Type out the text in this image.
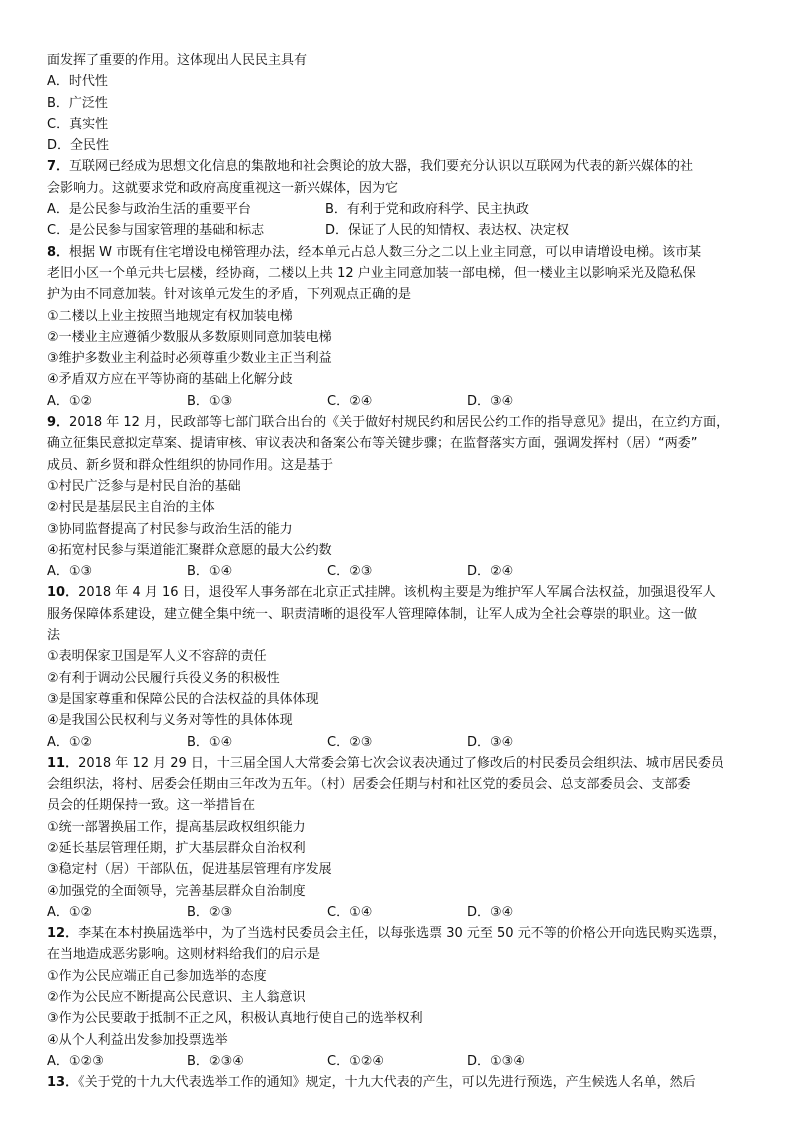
面发挥了重要的作用。这体现出人民民主具有
A．时代性
B．广泛性
C．真实性
D．全民性
7．互联网已经成为思想文化信息的集散地和社会舆论的放大器，我们要充分认识以互联网为代表的新兴媒体的社
会影响力。这就要求党和政府高度重视这一新兴媒体，因为它
A．是公民参与政治生活的重要平台	B．有利于党和政府科学、民主执政
C．是公民参与国家管理的基础和标志	D．保证了人民的知情权、表达权、决定权
8．根据 W 市既有住宅增设电梯管理办法，经本单元占总人数三分之二以上业主同意，可以申请增设电梯。该市某
老旧小区一个单元共七层楼，经协商，二楼以上共 12 户业主同意加装一部电梯，但一楼业主以影响采光及隐私保
护为由不同意加装。针对该单元发生的矛盾，下列观点正确的是
①二楼以上业主按照当地规定有权加装电梯
②一楼业主应遵循少数服从多数原则同意加装电梯
③维护多数业主利益时必须尊重少数业主正当利益
④矛盾双方应在平等协商的基础上化解分歧
A．①②	B．①③	C．②④	D．③④
9．2018 年 12 月，民政部等七部门联合出台的《关于做好村规民约和居民公约工作的指导意见》提出，在立约方面，
确立征集民意拟定草案、提请审核、审议表决和备案公布等关键步骤；在监督落实方面，强调发挥村（居）“两委”
成员、新乡贤和群众性组织的协同作用。这是基于
①村民广泛参与是村民自治的基础
②村民是基层民主自治的主体
③协同监督提高了村民参与政治生活的能力
④拓宽村民参与渠道能汇聚群众意愿的最大公约数
A．①③	B．①④	C．②③	D．②④
10．2018 年 4 月 16 日，退役军人事务部在北京正式挂牌。该机构主要是为维护军人军属合法权益，加强退役军人
服务保障体系建设，建立健全集中统一、职责清晰的退役军人管理障体制，让军人成为全社会尊崇的职业。这一做
法
①表明保家卫国是军人义不容辞的责任
②有利于调动公民履行兵役义务的积极性
③是国家尊重和保障公民的合法权益的具体体现
④是我国公民权利与义务对等性的具体体现
A．①②	B．①④	C．②③	D．③④
11．2018 年 12 月 29 日，十三届全国人大常委会第七次会议表决通过了修改后的村民委员会组织法、城市居民委员
会组织法，将村、居委会任期由三年改为五年。（村）居委会任期与村和社区党的委员会、总支部委员会、支部委
员会的任期保持一致。这一举措旨在
①统一部署换届工作，提高基层政权组织能力
②延长基层管理任期，扩大基层群众自治权利
③稳定村（居）干部队伍，促进基层管理有序发展
④加强党的全面领导，完善基层群众自治制度
A．①②	B．②③	C．①④	D．③④
12．李某在本村换届选举中，为了当选村民委员会主任，以每张选票 30 元至 50 元不等的价格公开向选民购买选票，
在当地造成恶劣影响。这则材料给我们的启示是
①作为公民应端正自己参加选举的态度
②作为公民应不断提高公民意识、主人翁意识
③作为公民要敢于抵制不正之风，积极认真地行使自己的选举权利
④从个人利益出发参加投票选举
A．①②③	B．②③④	C．①②④	D．①③④
13．《关于党的十九大代表选举工作的通知》规定，十九大代表的产生，可以先进行预选，产生候选人名单，然后
